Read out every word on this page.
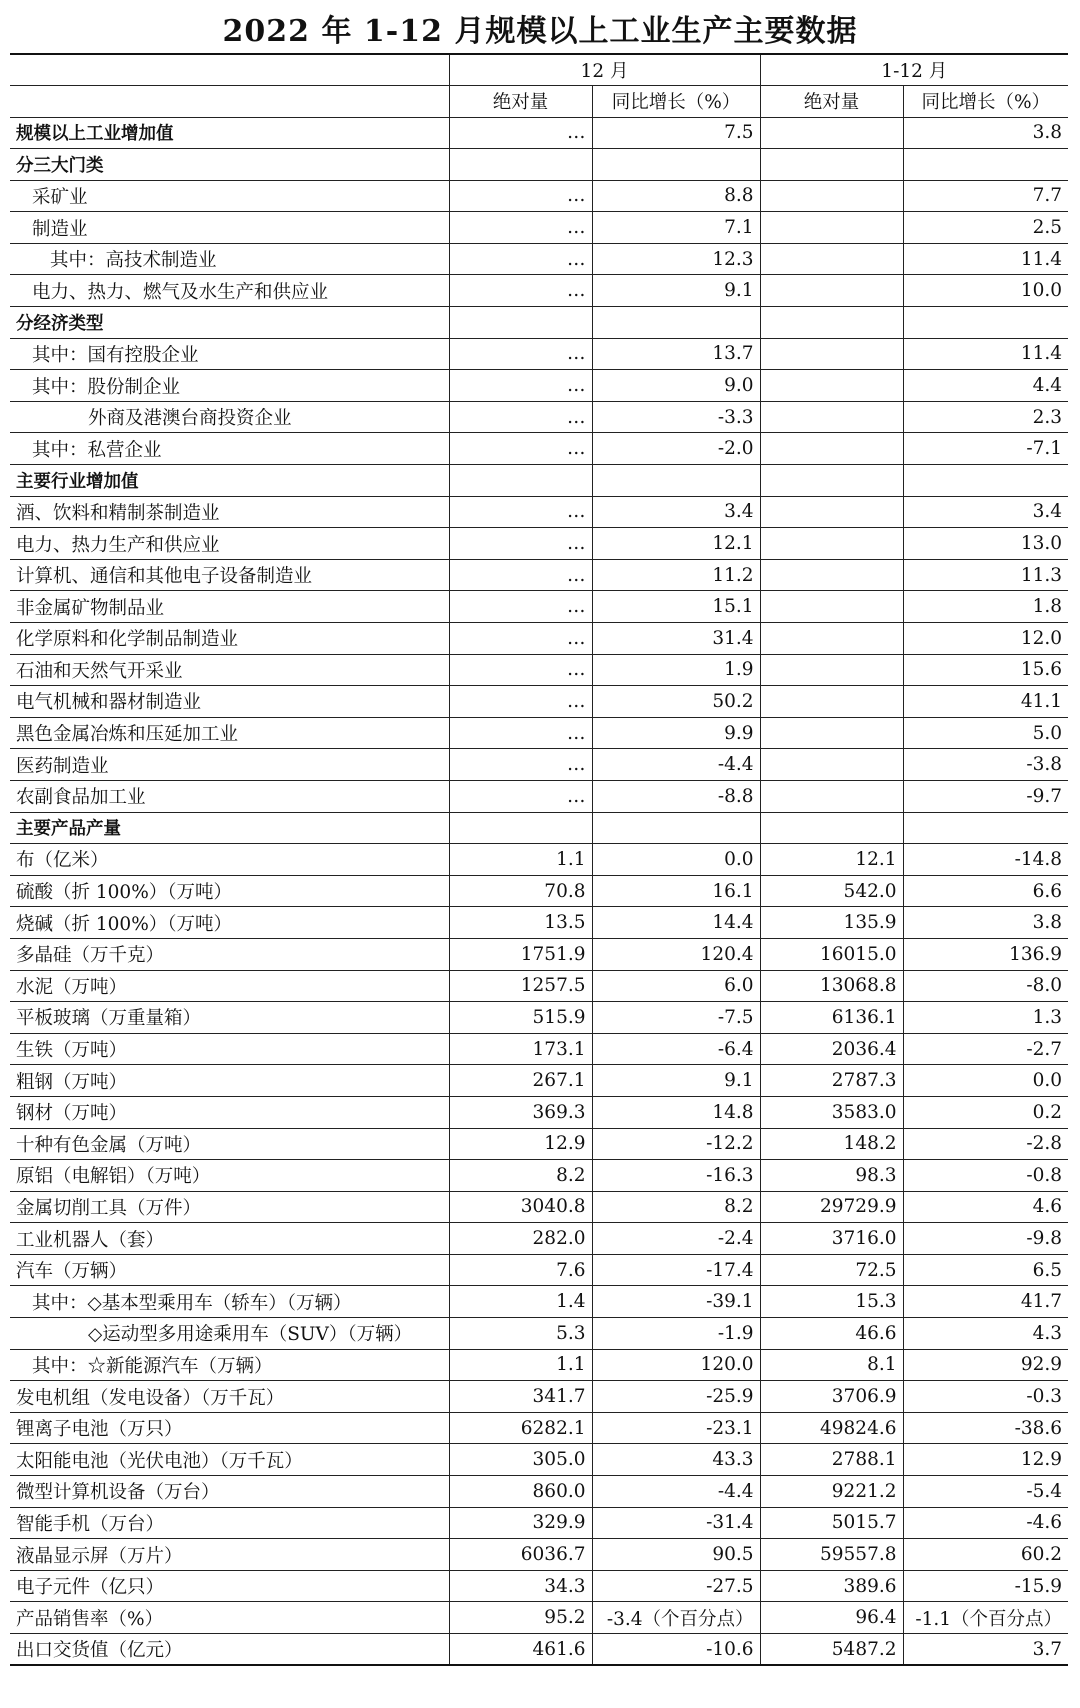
2022 年 1-12 月规模以上工业生产主要数据
	12 月		1-12 月	
	绝对量	同比增长（%）	绝对量	同比增长（%）
规模以上工业增加值	…	7.5		3.8
分三大门类				
采矿业	…	8.8		7.7
制造业	…	7.1		2.5
其中：高技术制造业	…	12.3		11.4
电力、热力、燃气及水生产和供应业	…	9.1		10.0
分经济类型				
其中：国有控股企业	…	13.7		11.4
其中：股份制企业	…	9.0		4.4
外商及港澳台商投资企业	…	-3.3		2.3
其中：私营企业	…	-2.0		-7.1
主要行业增加值				
酒、饮料和精制茶制造业	…	3.4		3.4
电力、热力生产和供应业	…	12.1		13.0
计算机、通信和其他电子设备制造业	…	11.2		11.3
非金属矿物制品业	…	15.1		1.8
化学原料和化学制品制造业	…	31.4		12.0
石油和天然气开采业	…	1.9		15.6
电气机械和器材制造业	…	50.2		41.1
黑色金属冶炼和压延加工业	…	9.9		5.0
医药制造业	…	-4.4		-3.8
农副食品加工业	…	-8.8		-9.7
主要产品产量				
布（亿米）	1.1	0.0	12.1	-14.8
硫酸（折 100%）（万吨）	70.8	16.1	542.0	6.6
烧碱（折 100%）（万吨）	13.5	14.4	135.9	3.8
多晶硅（万千克）	1751.9	120.4	16015.0	136.9
水泥（万吨）	1257.5	6.0	13068.8	-8.0
平板玻璃（万重量箱）	515.9	-7.5	6136.1	1.3
生铁（万吨）	173.1	-6.4	2036.4	-2.7
粗钢（万吨）	267.1	9.1	2787.3	0.0
钢材（万吨）	369.3	14.8	3583.0	0.2
十种有色金属（万吨）	12.9	-12.2	148.2	-2.8
原铝（电解铝）（万吨）	8.2	-16.3	98.3	-0.8
金属切削工具（万件）	3040.8	8.2	29729.9	4.6
工业机器人（套）	282.0	-2.4	3716.0	-9.8
汽车（万辆）	7.6	-17.4	72.5	6.5
其中：◇基本型乘用车（轿车）（万辆）	1.4	-39.1	15.3	41.7
◇运动型多用途乘用车（SUV）（万辆）	5.3	-1.9	46.6	4.3
其中：☆新能源汽车（万辆）	1.1	120.0	8.1	92.9
发电机组（发电设备）（万千瓦）	341.7	-25.9	3706.9	-0.3
锂离子电池（万只）	6282.1	-23.1	49824.6	-38.6
太阳能电池（光伏电池）（万千瓦）	305.0	43.3	2788.1	12.9
微型计算机设备（万台）	860.0	-4.4	9221.2	-5.4
智能手机（万台）	329.9	-31.4	5015.7	-4.6
液晶显示屏（万片）	6036.7	90.5	59557.8	60.2
电子元件（亿只）	34.3	-27.5	389.6	-15.9
产品销售率（%）	95.2	-3.4（个百分点）	96.4	-1.1（个百分点）
出口交货值（亿元）	461.6	-10.6	5487.2	3.7
